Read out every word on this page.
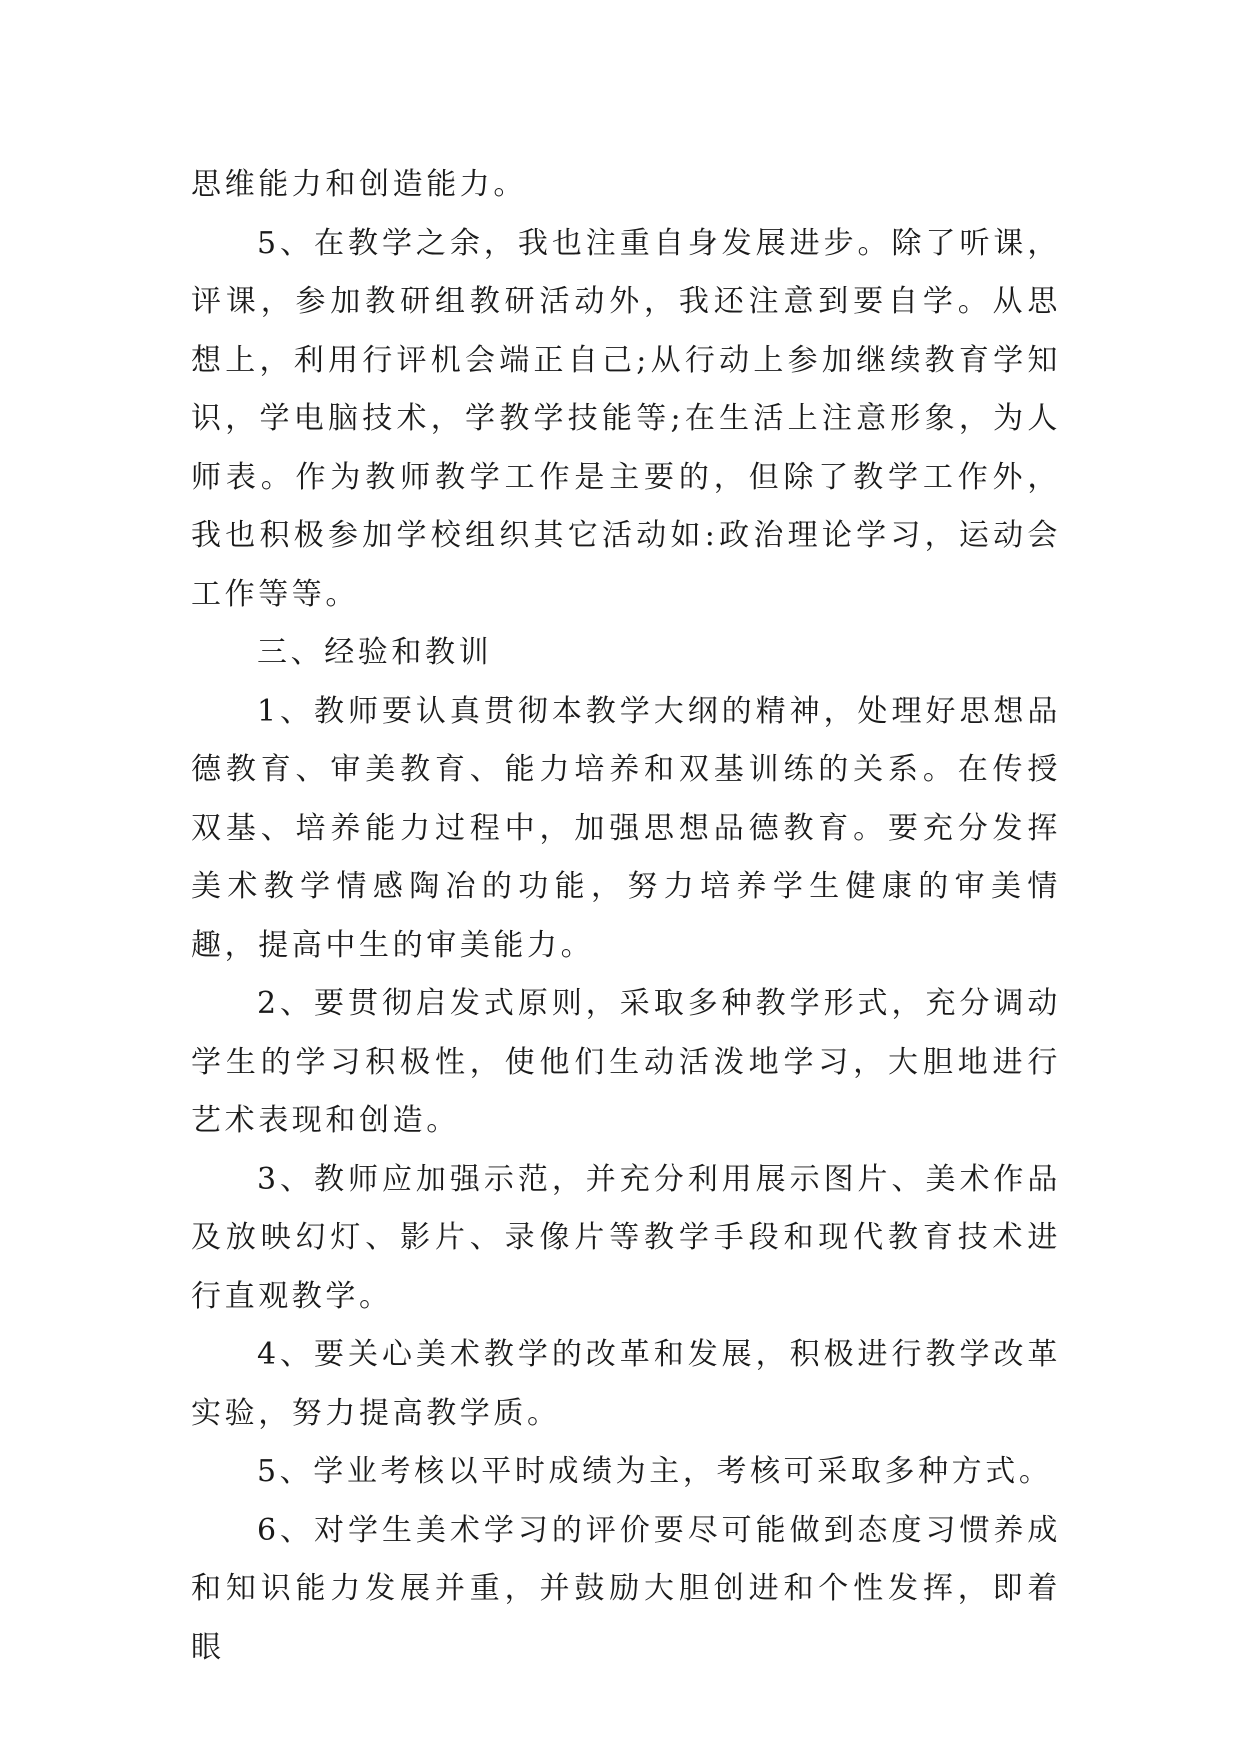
思维能力和创造能力。

5、在教学之余，我也注重自身发展进步。除了听课，评课，参加教研组教研活动外，我还注意到要自学。从思想上，利用行评机会端正自己;从行动上参加继续教育学知识，学电脑技术，学教学技能等;在生活上注意形象，为人师表。作为教师教学工作是主要的，但除了教学工作外，我也积极参加学校组织其它活动如:政治理论学习，运动会工作等等。

三、经验和教训

1、教师要认真贯彻本教学大纲的精神，处理好思想品德教育、审美教育、能力培养和双基训练的关系。在传授双基、培养能力过程中，加强思想品德教育。要充分发挥美术教学情感陶冶的功能，努力培养学生健康的审美情趣，提高中生的审美能力。

2、要贯彻启发式原则，采取多种教学形式，充分调动学生的学习积极性，使他们生动活泼地学习，大胆地进行艺术表现和创造。

3、教师应加强示范，并充分利用展示图片、美术作品及放映幻灯、影片、录像片等教学手段和现代教育技术进行直观教学。

4、要关心美术教学的改革和发展，积极进行教学改革实验，努力提高教学质。

5、学业考核以平时成绩为主，考核可采取多种方式。

6、对学生美术学习的评价要尽可能做到态度习惯养成和知识能力发展并重，并鼓励大胆创进和个性发挥，即着眼
